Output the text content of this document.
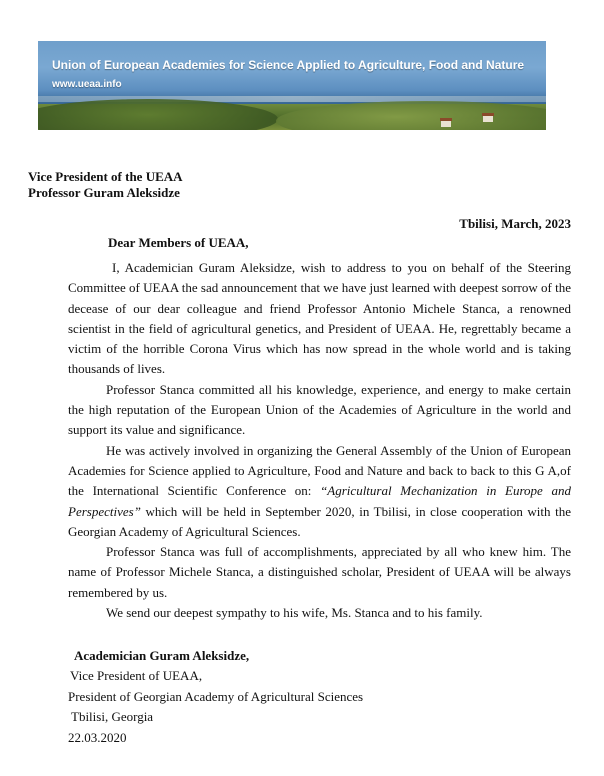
Union of European Academies for Science Applied to Agriculture, Food and Nature
www.ueaa.info
Vice President of the UEAA
Professor Guram Aleksidze
Tbilisi, March, 2023
Dear Members of UEAA,

I, Academician Guram Aleksidze, wish to address to you on behalf of the Steering Committee of UEAA the sad announcement that we have just learned with deepest sorrow of the decease of our dear colleague and friend Professor Antonio Michele Stanca, a renowned scientist in the field of agricultural genetics, and President of UEAA. He, regrettably became a victim of the horrible Corona Virus which has now spread in the whole world and is taking thousands of lives.

Professor Stanca committed all his knowledge, experience, and energy to make certain the high reputation of the European Union of the Academies of Agriculture in the world and support its value and significance.

He was actively involved in organizing the General Assembly of the Union of European Academies for Science applied to Agriculture, Food and Nature and back to back to this G A,of the International Scientific Conference on: “Agricultural Mechanization in Europe and Perspectives” which will be held in September 2020, in Tbilisi, in close cooperation with the Georgian Academy of Agricultural Sciences.

Professor Stanca was full of accomplishments, appreciated by all who knew him. The name of Professor Michele Stanca, a distinguished scholar, President of UEAA will be always remembered by us.

We send our deepest sympathy to his wife, Ms. Stanca and to his family.

Academician Guram Aleksidze,
Vice President of UEAA,
President of Georgian Academy of Agricultural Sciences
Tbilisi, Georgia
22.03.2020
